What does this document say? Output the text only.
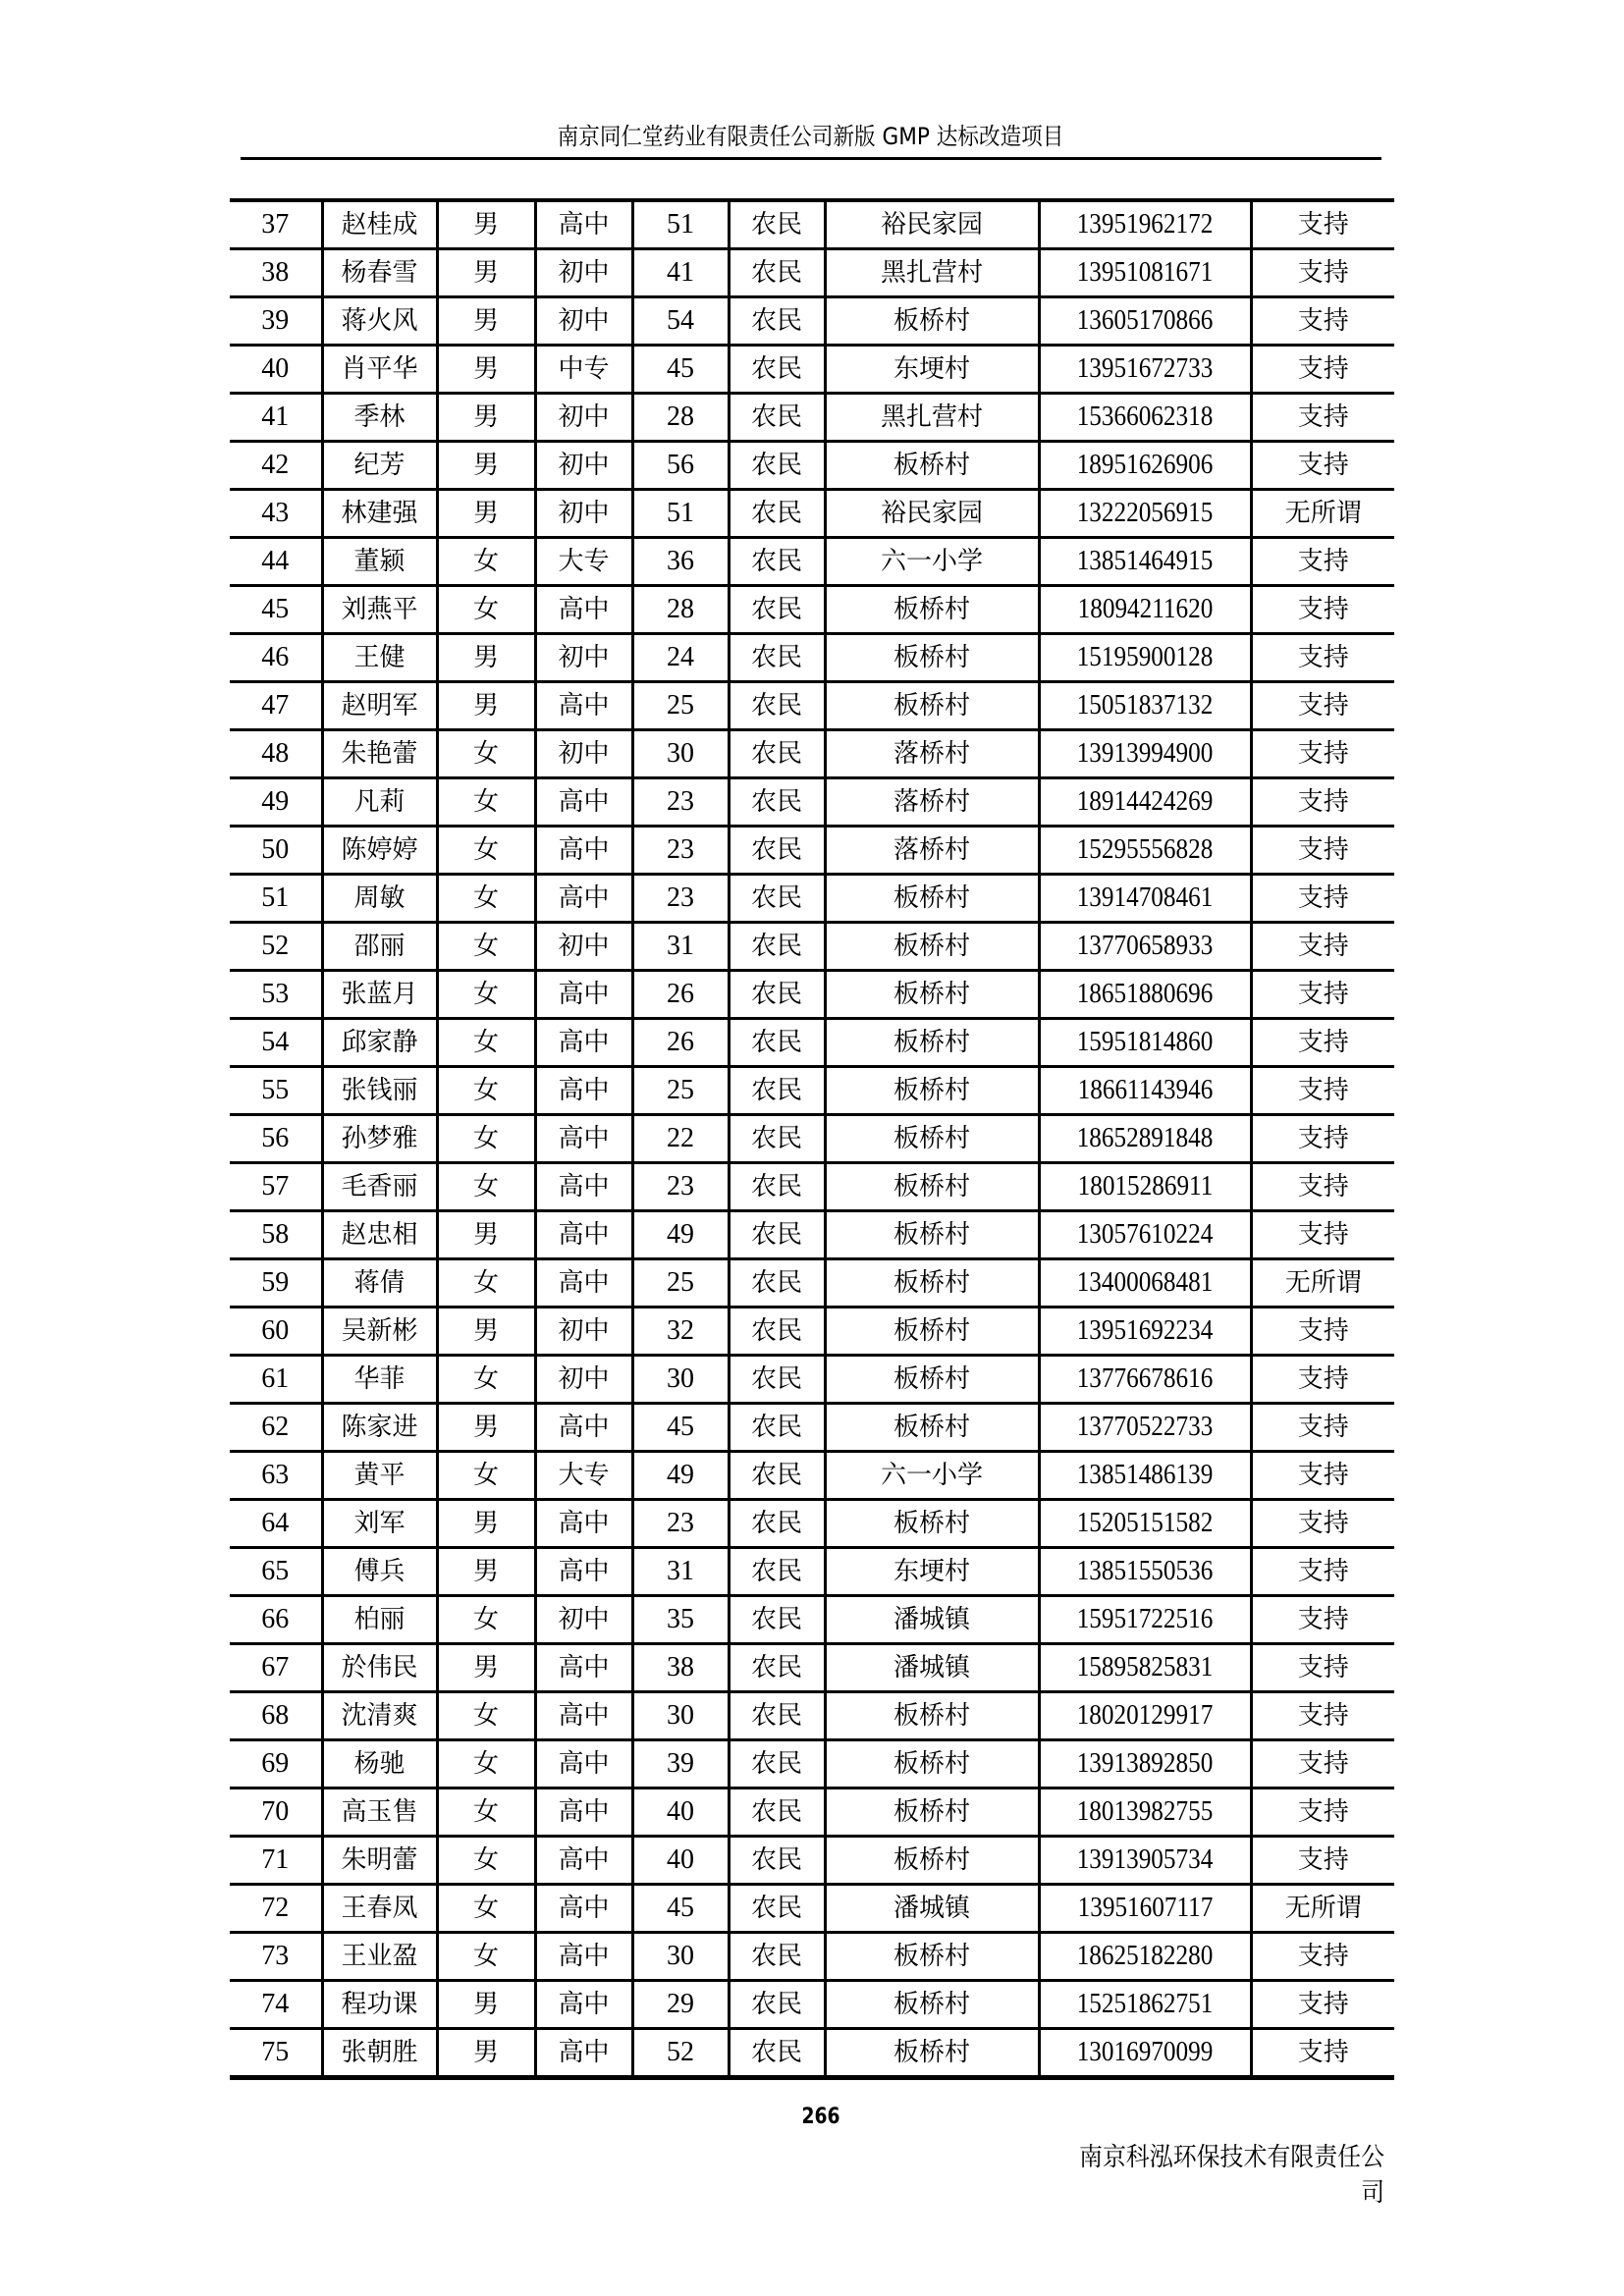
南京同仁堂药业有限责任公司新版 GMP 达标改造项目
37	赵桂成	男	高中	51	农民	裕民家园	13951962172	支持
38	杨春雪	男	初中	41	农民	黑扎营村	13951081671	支持
39	蒋火风	男	初中	54	农民	板桥村	13605170866	支持
40	肖平华	男	中专	45	农民	东埂村	13951672733	支持
41	季林	男	初中	28	农民	黑扎营村	15366062318	支持
42	纪芳	男	初中	56	农民	板桥村	18951626906	支持
43	林建强	男	初中	51	农民	裕民家园	13222056915	无所谓
44	董颍	女	大专	36	农民	六一小学	13851464915	支持
45	刘燕平	女	高中	28	农民	板桥村	18094211620	支持
46	王健	男	初中	24	农民	板桥村	15195900128	支持
47	赵明军	男	高中	25	农民	板桥村	15051837132	支持
48	朱艳蕾	女	初中	30	农民	落桥村	13913994900	支持
49	凡莉	女	高中	23	农民	落桥村	18914424269	支持
50	陈婷婷	女	高中	23	农民	落桥村	15295556828	支持
51	周敏	女	高中	23	农民	板桥村	13914708461	支持
52	邵丽	女	初中	31	农民	板桥村	13770658933	支持
53	张蓝月	女	高中	26	农民	板桥村	18651880696	支持
54	邱家静	女	高中	26	农民	板桥村	15951814860	支持
55	张钱丽	女	高中	25	农民	板桥村	18661143946	支持
56	孙梦雅	女	高中	22	农民	板桥村	18652891848	支持
57	毛香丽	女	高中	23	农民	板桥村	18015286911	支持
58	赵忠相	男	高中	49	农民	板桥村	13057610224	支持
59	蒋倩	女	高中	25	农民	板桥村	13400068481	无所谓
60	吴新彬	男	初中	32	农民	板桥村	13951692234	支持
61	华菲	女	初中	30	农民	板桥村	13776678616	支持
62	陈家进	男	高中	45	农民	板桥村	13770522733	支持
63	黄平	女	大专	49	农民	六一小学	13851486139	支持
64	刘军	男	高中	23	农民	板桥村	15205151582	支持
65	傅兵	男	高中	31	农民	东埂村	13851550536	支持
66	柏丽	女	初中	35	农民	潘城镇	15951722516	支持
67	於伟民	男	高中	38	农民	潘城镇	15895825831	支持
68	沈清爽	女	高中	30	农民	板桥村	18020129917	支持
69	杨驰	女	高中	39	农民	板桥村	13913892850	支持
70	高玉售	女	高中	40	农民	板桥村	18013982755	支持
71	朱明蕾	女	高中	40	农民	板桥村	13913905734	支持
72	王春凤	女	高中	45	农民	潘城镇	13951607117	无所谓
73	王业盈	女	高中	30	农民	板桥村	18625182280	支持
74	程功课	男	高中	29	农民	板桥村	15251862751	支持
75	张朝胜	男	高中	52	农民	板桥村	13016970099	支持
266
南京科泓环保技术有限责任公司
